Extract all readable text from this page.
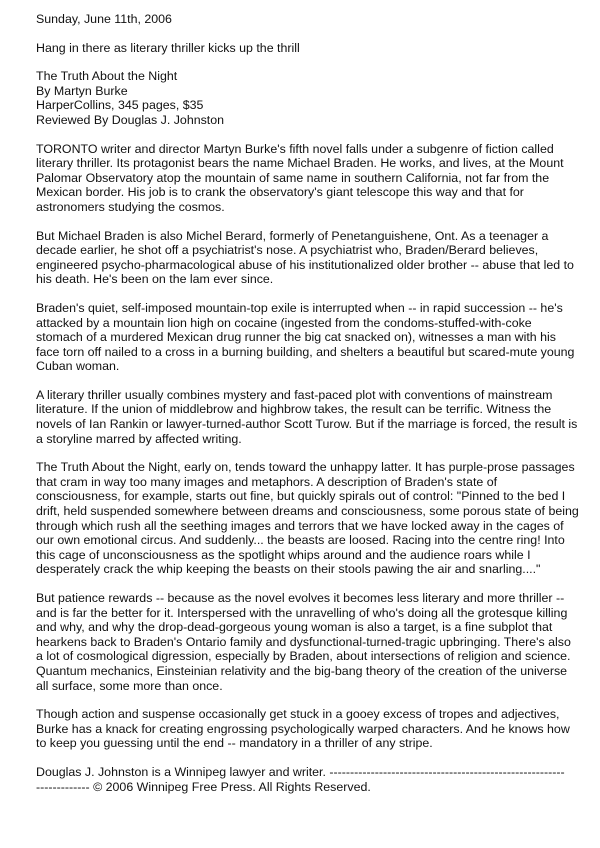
Sunday, June 11th, 2006

Hang in there as literary thriller kicks up the thrill

The Truth About the Night

By Martyn Burke

HarperCollins, 345 pages, $35

Reviewed By Douglas J. Johnston

TORONTO writer and director Martyn Burke's fifth novel falls under a subgenre of fiction called literary thriller. Its protagonist bears the name Michael Braden. He works, and lives, at the Mount Palomar Observatory atop the mountain of same name in southern California, not far from the Mexican border. His job is to crank the observatory's giant telescope this way and that for astronomers studying the cosmos.

But Michael Braden is also Michel Berard, formerly of Penetanguishene, Ont. As a teenager a decade earlier, he shot off a psychiatrist's nose. A psychiatrist who, Braden/Berard believes, engineered psycho-pharmacological abuse of his institutionalized older brother -- abuse that led to his death. He's been on the lam ever since.

Braden's quiet, self-imposed mountain-top exile is interrupted when -- in rapid succession -- he's attacked by a mountain lion high on cocaine (ingested from the condoms-stuffed-with-coke stomach of a murdered Mexican drug runner the big cat snacked on), witnesses a man with his face torn off nailed to a cross in a burning building, and shelters a beautiful but scared-mute young Cuban woman.

A literary thriller usually combines mystery and fast-paced plot with conventions of mainstream literature. If the union of middlebrow and highbrow takes, the result can be terrific. Witness the novels of Ian Rankin or lawyer-turned-author Scott Turow. But if the marriage is forced, the result is a storyline marred by affected writing.

The Truth About the Night, early on, tends toward the unhappy latter. It has purple-prose passages that cram in way too many images and metaphors. A description of Braden's state of consciousness, for example, starts out fine, but quickly spirals out of control: "Pinned to the bed I drift, held suspended somewhere between dreams and consciousness, some porous state of being through which rush all the seething images and terrors that we have locked away in the cages of our own emotional circus. And suddenly... the beasts are loosed. Racing into the centre ring! Into this cage of unconsciousness as the spotlight whips around and the audience roars while I desperately crack the whip keeping the beasts on their stools pawing the air and snarling...."

But patience rewards -- because as the novel evolves it becomes less literary and more thriller -- and is far the better for it. Interspersed with the unravelling of who's doing all the grotesque killing and why, and why the drop-dead-gorgeous young woman is also a target, is a fine subplot that hearkens back to Braden's Ontario family and dysfunctional-turned-tragic upbringing. There's also a lot of cosmological digression, especially by Braden, about intersections of religion and science. Quantum mechanics, Einsteinian relativity and the big-bang theory of the creation of the universe all surface, some more than once.

Though action and suspense occasionally get stuck in a gooey excess of tropes and adjectives, Burke has a knack for creating engrossing psychologically warped characters. And he knows how to keep you guessing until the end -- mandatory in a thriller of any stripe.

Douglas J. Johnston is a Winnipeg lawyer and writer. ---------------------------------------------------------

------------- © 2006 Winnipeg Free Press. All Rights Reserved.
